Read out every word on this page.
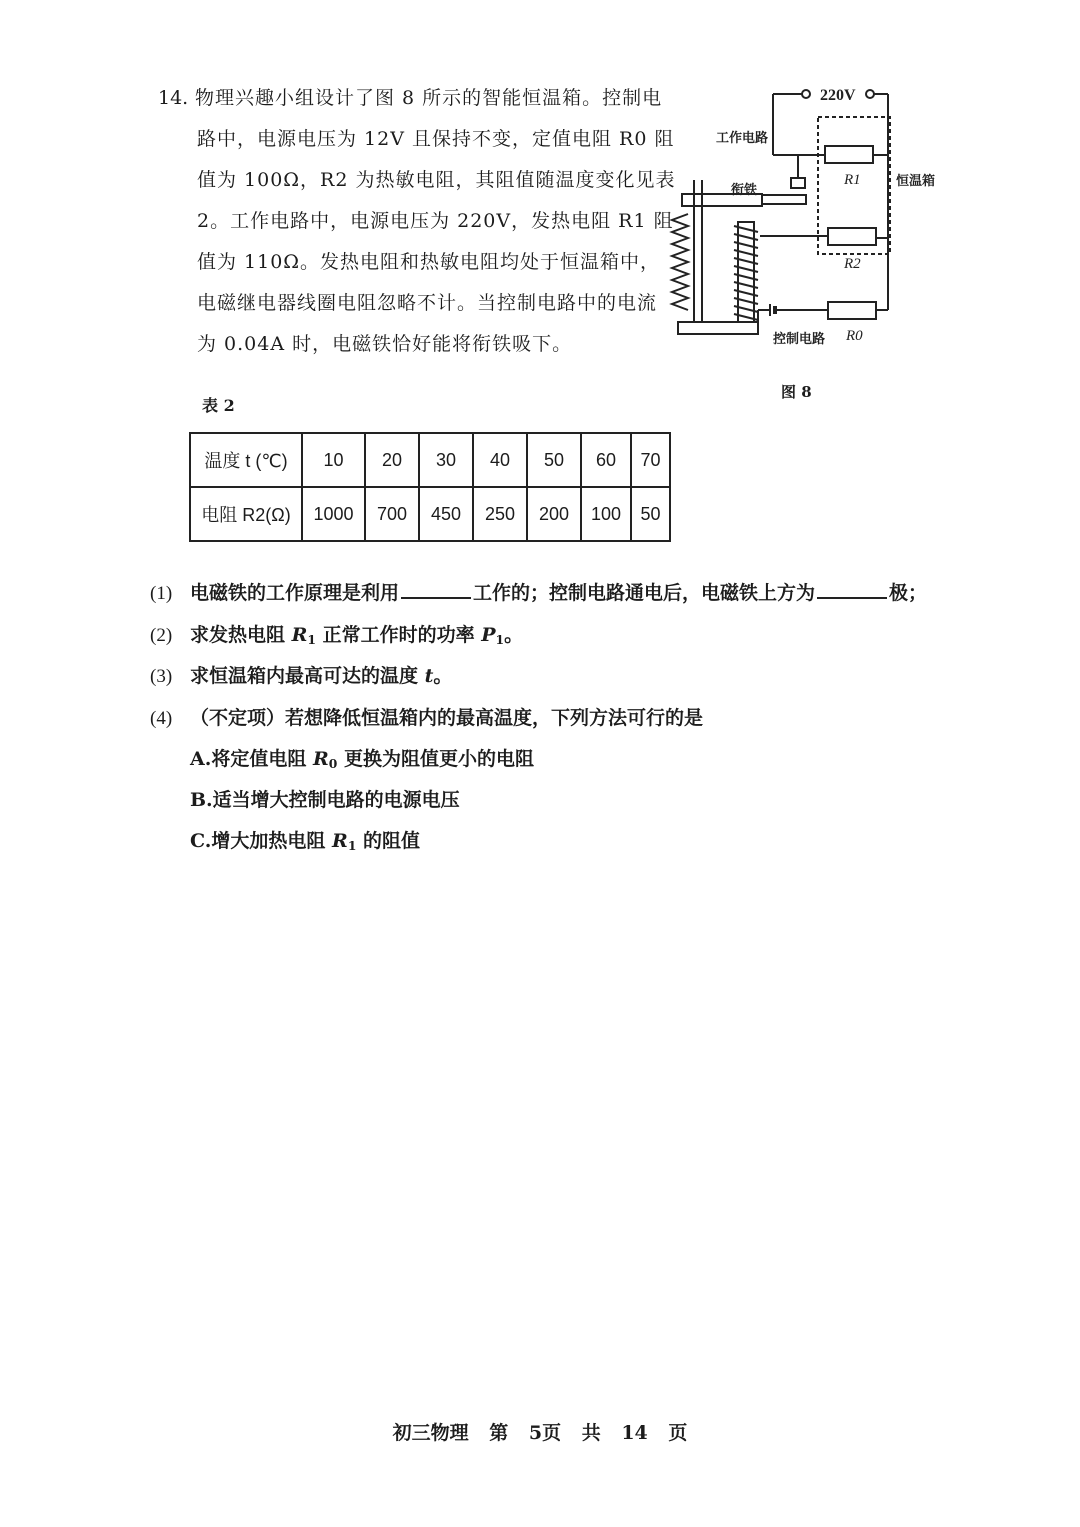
14. 物理兴趣小组设计了图 8 所示的智能恒温箱。控制电
路中，电源电压为 12V 且保持不变，定值电阻 R0 阻
值为 100Ω，R2 为热敏电阻，其阻值随温度变化见表
2。工作电路中，电源电压为 220V，发热电阻 R1 阻
值为 110Ω。发热电阻和热敏电阻均处于恒温箱中，
电磁继电器线圈电阻忽略不计。当控制电路中的电流
为 0.04A 时，电磁铁恰好能将衔铁吸下。
220V
工作电路
衔铁
R1
R2
R0
恒温箱
控制电路
图 8
表 2
温度 t (℃)	10	20	30	40	50	60	70
电阻 R2(Ω)	1000	700	450	250	200	100	50
(1) 电磁铁的工作原理是利用	工作的；控制电路通电后，电磁铁上方为	极；
(2) 求发热电阻 $R_1$ 正常工作时的功率 $P_1$。
(3) 求恒温箱内最高可达的温度 t。
(4) （不定项）若想降低恒温箱内的最高温度，下列方法可行的是
A.将定值电阻 $R_0$ 更换为阻值更小的电阻
B.适当增大控制电路的电源电压
C.增大加热电阻 $R_1$ 的阻值
初三物理 第 5页 共 14 页
